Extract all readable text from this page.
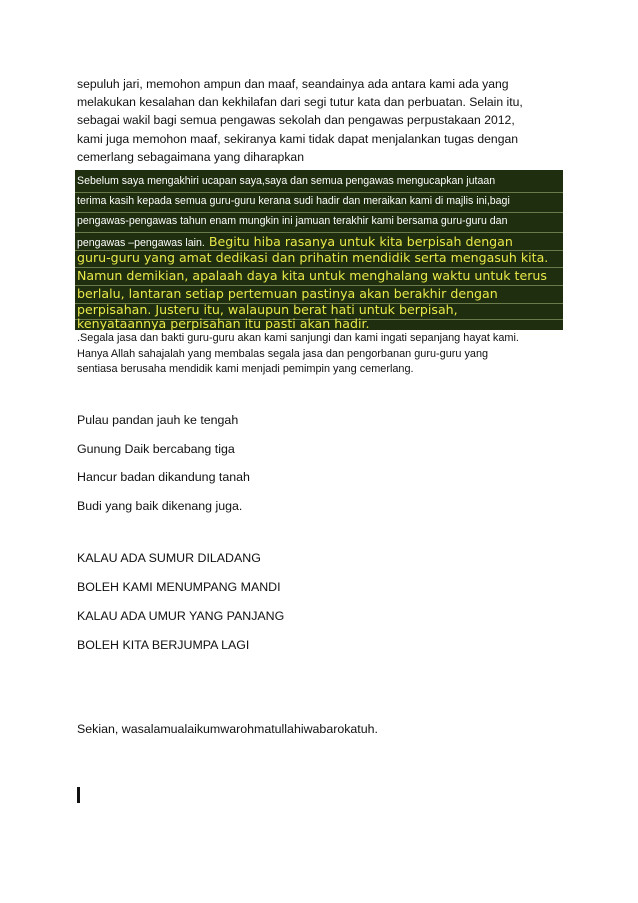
sepuluh jari, memohon ampun dan maaf, seandainya ada antara kami ada yang
melakukan kesalahan dan kekhilafan dari segi tutur kata dan perbuatan. Selain itu,
sebagai wakil bagi semua pengawas sekolah dan pengawas perpustakaan 2012,
kami juga memohon maaf, sekiranya kami tidak dapat menjalankan tugas dengan
cemerlang sebagaimana yang diharapkan
Sebelum saya mengakhiri ucapan saya,saya dan semua pengawas mengucapkan jutaan
terima kasih kepada semua guru-guru kerana sudi hadir dan meraikan kami di majlis ini,bagi
pengawas-pengawas tahun enam mungkin ini jamuan terakhir kami bersama guru-guru dan
pengawas –pengawas lain. Begitu hiba rasanya untuk kita berpisah dengan
guru-guru yang amat dedikasi dan prihatin mendidik serta mengasuh kita.
Namun demikian, apalaah daya kita untuk menghalang waktu untuk terus
berlalu, lantaran setiap pertemuan pastinya akan berakhir dengan
perpisahan. Justeru itu, walaupun berat hati untuk berpisah,
kenyataannya perpisahan itu pasti akan hadir.
.Segala jasa dan bakti guru-guru akan kami sanjungi dan kami ingati sepanjang hayat kami.
Hanya Allah sahajalah yang membalas segala jasa dan pengorbanan guru-guru yang
sentiasa berusaha mendidik kami menjadi pemimpin yang cemerlang.
Pulau pandan jauh ke tengah
Gunung Daik bercabang tiga
Hancur badan dikandung tanah
Budi yang baik dikenang juga.
KALAU ADA SUMUR DILADANG
BOLEH KAMI MENUMPANG MANDI
KALAU ADA UMUR YANG PANJANG
BOLEH KITA BERJUMPA LAGI
Sekian, wasalamualaikumwarohmatullahiwabarokatuh.
